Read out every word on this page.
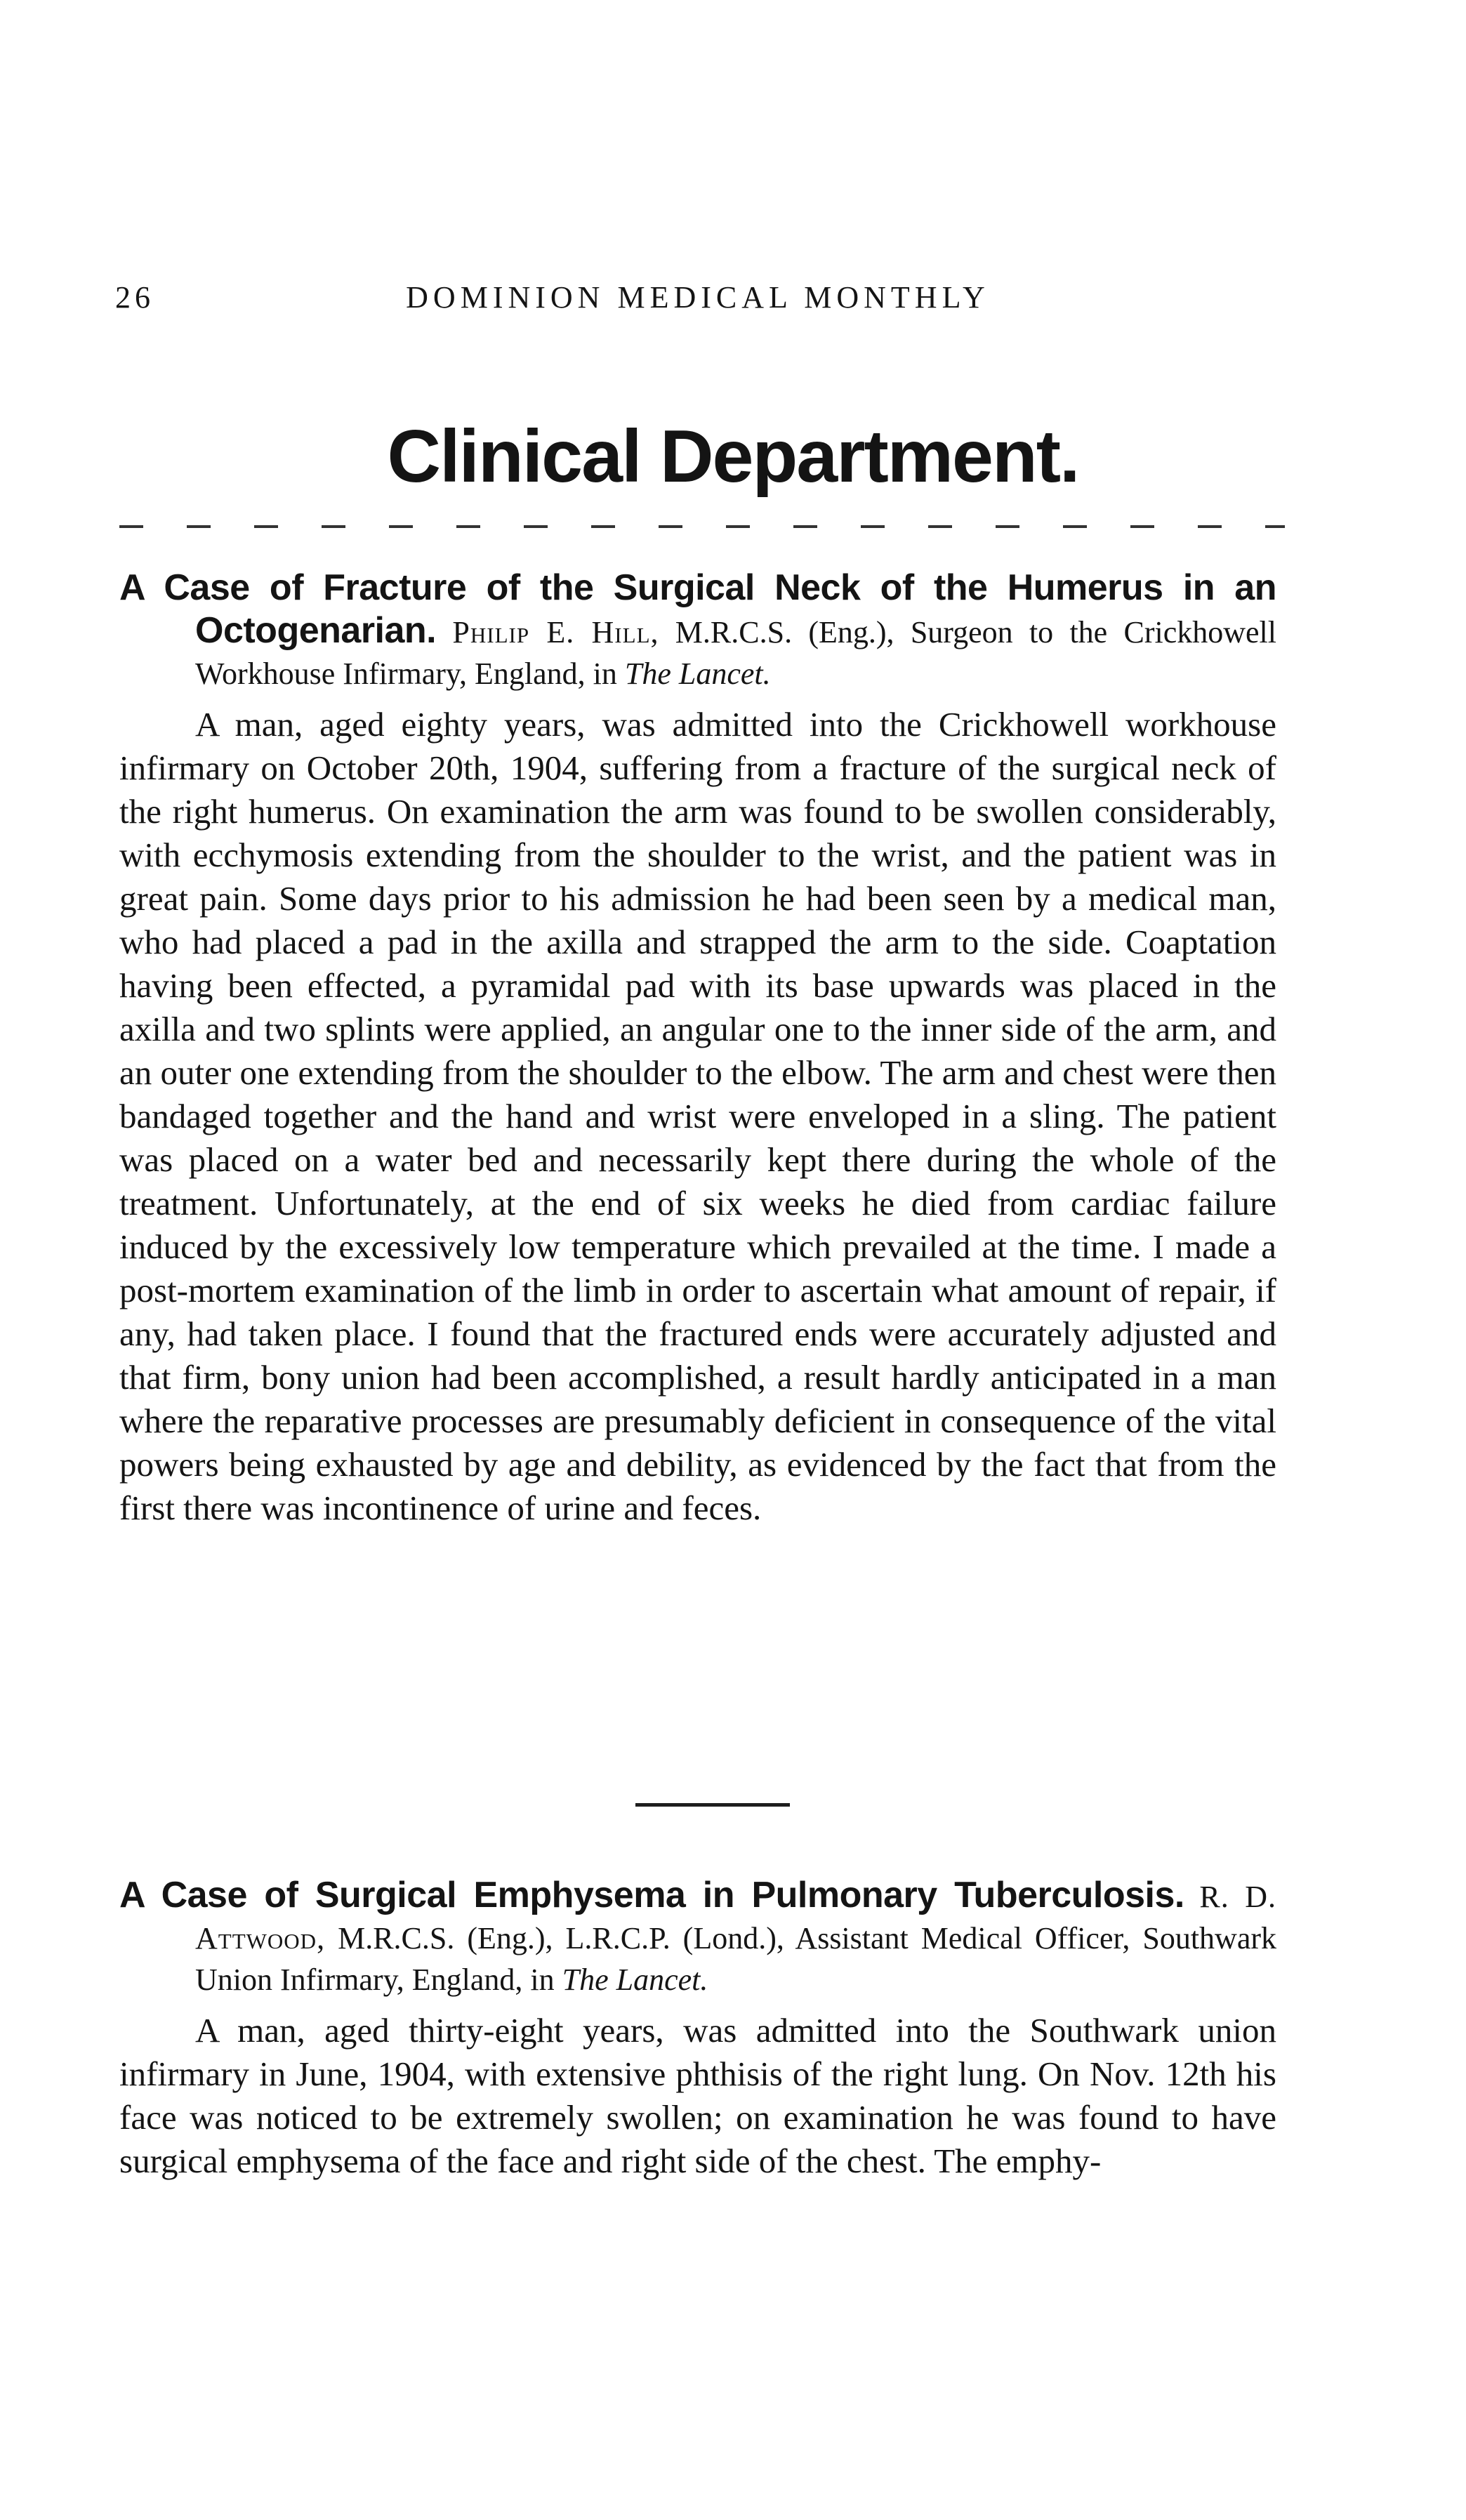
26	DOMINION MEDICAL MONTHLY
Clinical Department.
A Case of Fracture of the Surgical Neck of the Humerus in an Octogenarian. Philip E. Hill, M.R.C.S. (Eng.), Surgeon to the Crickhowell Workhouse Infirmary, England, in The Lancet.

A man, aged eighty years, was admitted into the Crickhowell workhouse infirmary on October 20th, 1904, suffering from a fracture of the surgical neck of the right humerus. On examination the arm was found to be swollen considerably, with ecchymosis extending from the shoulder to the wrist, and the patient was in great pain. Some days prior to his admission he had been seen by a medical man, who had placed a pad in the axilla and strapped the arm to the side. Coaptation having been effected, a pyramidal pad with its base upwards was placed in the axilla and two splints were applied, an angular one to the inner side of the arm, and an outer one extending from the shoulder to the elbow. The arm and chest were then bandaged together and the hand and wrist were enveloped in a sling. The patient was placed on a water bed and necessarily kept there during the whole of the treatment. Unfortunately, at the end of six weeks he died from cardiac failure induced by the excessively low temperature which prevailed at the time. I made a post-mortem examination of the limb in order to ascertain what amount of repair, if any, had taken place. I found that the fractured ends were accurately adjusted and that firm, bony union had been accomplished, a result hardly anticipated in a man where the reparative processes are presumably deficient in consequence of the vital powers being exhausted by age and debility, as evidenced by the fact that from the first there was incontinence of urine and feces.

A Case of Surgical Emphysema in Pulmonary Tuberculosis. R. D. Attwood, M.R.C.S. (Eng.), L.R.C.P. (Lond.), Assistant Medical Officer, Southwark Union Infirmary, England, in The Lancet.

A man, aged thirty-eight years, was admitted into the Southwark union infirmary in June, 1904, with extensive phthisis of the right lung. On Nov. 12th his face was noticed to be extremely swollen; on examination he was found to have surgical emphysema of the face and right side of the chest. The emphy-
